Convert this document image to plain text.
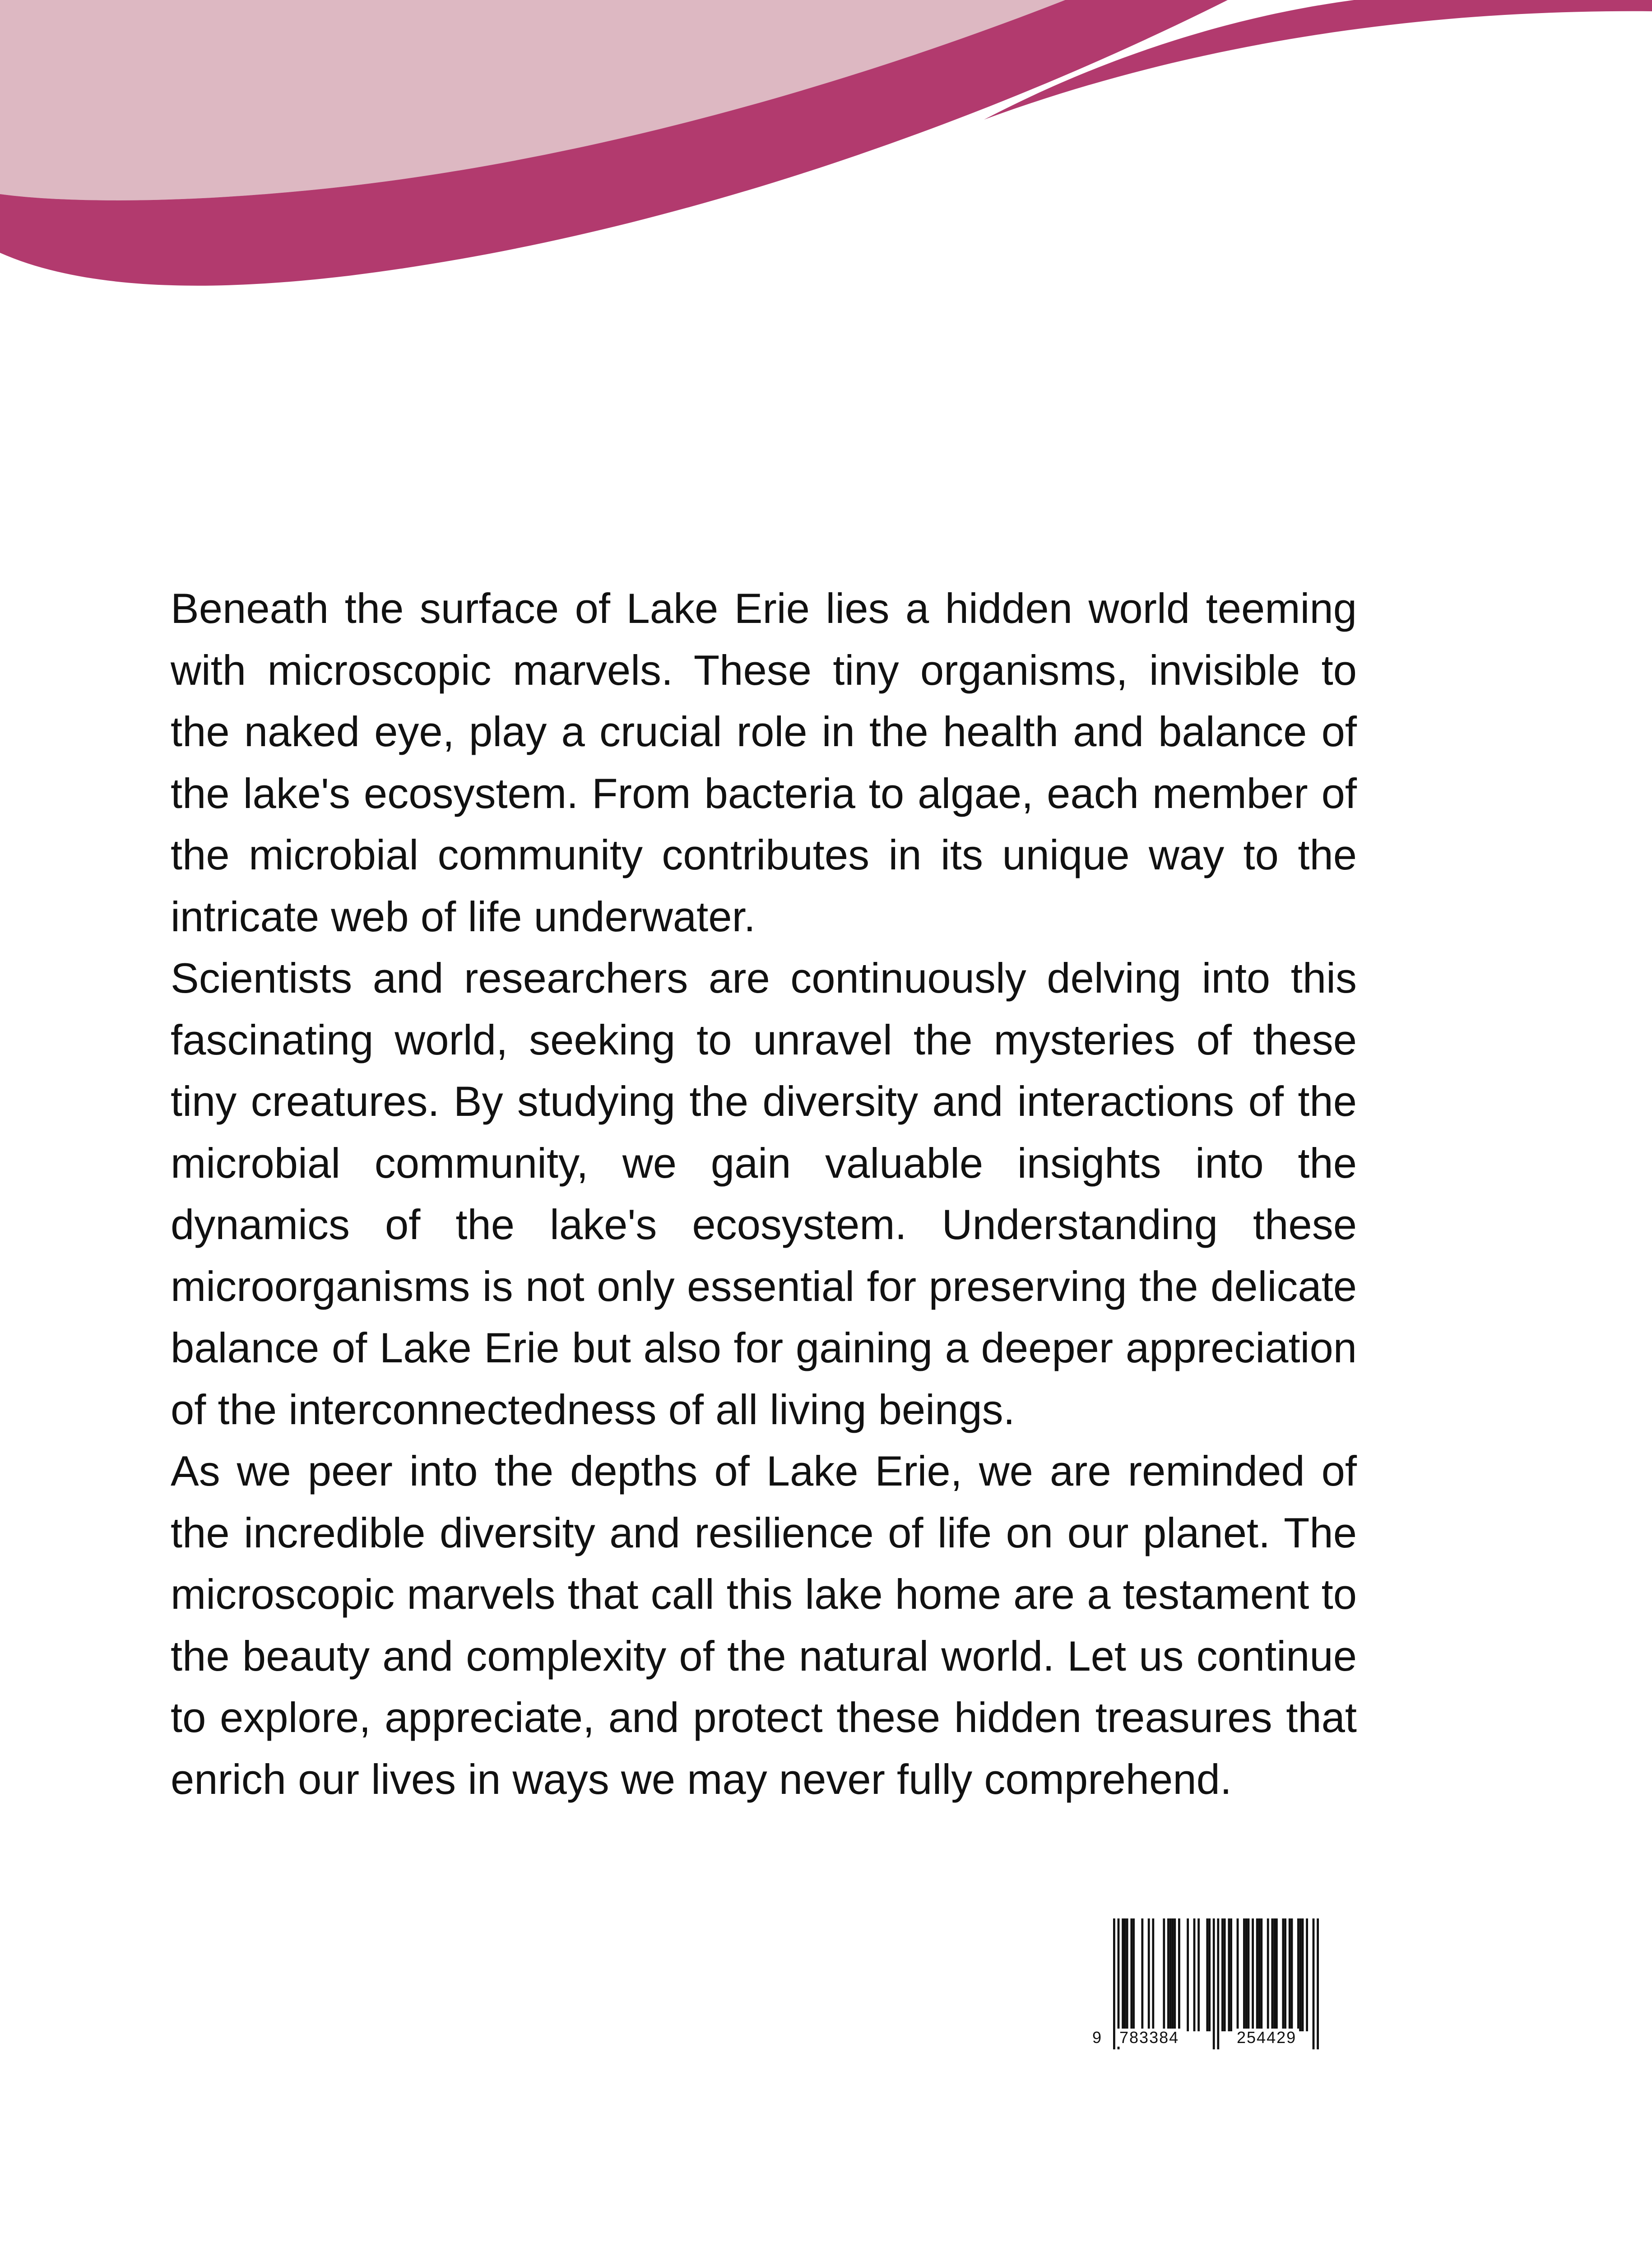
Beneath the surface of Lake Erie lies a hidden world teeming with microscopic marvels. These tiny organisms, invisible to the naked eye, play a crucial role in the health and balance of the lake's ecosystem. From bacteria to algae, each member of the microbial community contributes in its unique way to the intricate web of life underwater.

Scientists and researchers are continuously delving into this fascinating world, seeking to unravel the mysteries of these tiny creatures. By studying the diversity and interactions of the microbial community, we gain valuable insights into the dynamics of the lake's ecosystem. Understanding these microorganisms is not only essential for preserving the delicate balance of Lake Erie but also for gaining a deeper appreciation of the interconnectedness of all living beings.

As we peer into the depths of Lake Erie, we are reminded of the incredible diversity and resilience of life on our planet. The microscopic marvels that call this lake home are a testament to the beauty and complexity of the natural world. Let us continue to explore, appreciate, and protect these hidden treasures that enrich our lives in ways we may never fully comprehend.

9 783384	254429
